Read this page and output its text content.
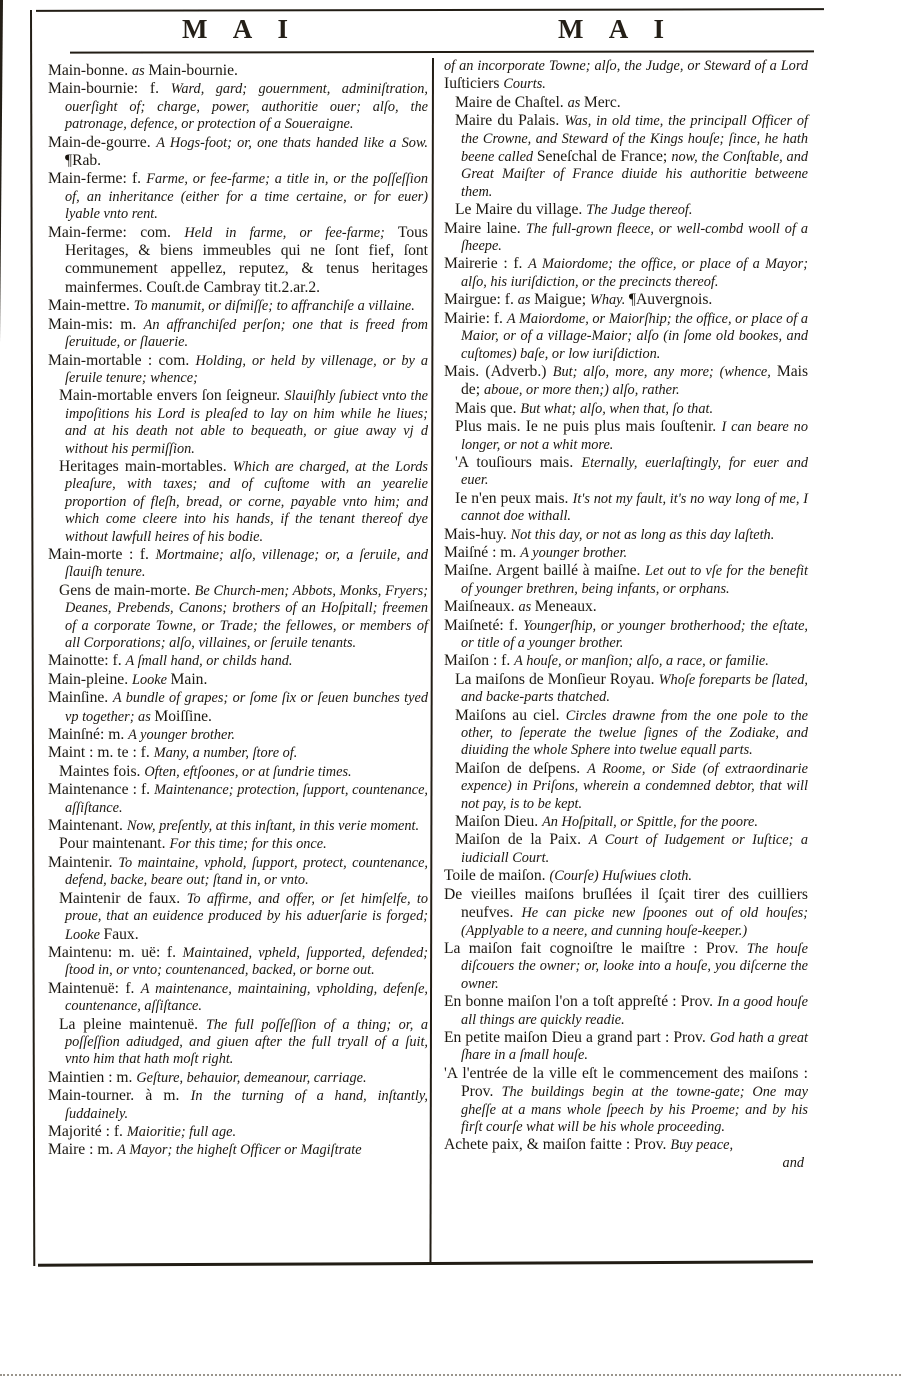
M A I	M A I

Main-bonne. as Main-bournie.

Main-bournie: f. Ward, gard; gouernment, adminiſtration, ouerſight of; charge, power, authoritie ouer; alſo, the patronage, defence, or protection of a Soueraigne.

Main-de-gourre. A Hogs-foot; or, one thats handed like a Sow. ¶Rab.

Main-ferme: f. Farme, or fee-farme; a title in, or the poſſeſſion of, an inheritance (either for a time certaine, or for euer) lyable vnto rent.

Main-ferme: com. Held in farme, or fee-farme; Tous Heritages, & biens immeubles qui ne ſont fief, ſont communement appellez, reputez, & tenus heritages mainfermes. Couſt.de Cambray tit.2.ar.2.

Main-mettre. To manumit, or diſmiſſe; to affranchiſe a villaine.

Main-mis: m. An affranchiſed perſon; one that is freed from ſeruitude, or ſlauerie.

Main-mortable : com. Holding, or held by villenage, or by a ſeruile tenure; whence;

Main-mortable envers ſon ſeigneur. Slauiſhly ſubiect vnto the impoſitions his Lord is pleaſed to lay on him while he liues; and at his death not able to bequeath, or giue away vj d without his permiſſion.

Heritages main-mortables. Which are charged, at the Lords pleaſure, with taxes; and of cuſtome with an yearelie proportion of fleſh, bread, or corne, payable vnto him; and which come cleere into his hands, if the tenant thereof dye without lawfull heires of his bodie.

Main-morte : f. Mortmaine; alſo, villenage; or, a ſeruile, and ſlauiſh tenure.

Gens de main-morte. Be Church-men; Abbots, Monks, Fryers; Deanes, Prebends, Canons; brothers of an Hoſpitall; freemen of a corporate Towne, or Trade; the fellowes, or members of all Corporations; alſo, villaines, or ſeruile tenants.

Mainotte: f. A ſmall hand, or childs hand.

Main-pleine. Looke Main.

Mainſine. A bundle of grapes; or ſome ſix or ſeuen bunches tyed vp together; as Moiſſine.

Mainſné: m. A younger brother.

Maint : m. te : f. Many, a number, ſtore of.

Maintes fois. Often, eftſoones, or at ſundrie times.

Maintenance : f. Maintenance; protection, ſupport, countenance, aſſiſtance.

Maintenant. Now, preſently, at this inſtant, in this verie moment.

Pour maintenant. For this time; for this once.

Maintenir. To maintaine, vphold, ſupport, protect, countenance, defend, backe, beare out; ſtand in, or vnto.

Maintenir de faux. To affirme, and offer, or ſet himſelfe, to proue, that an euidence produced by his aduerſarie is forged; Looke Faux.

Maintenu: m. uë: f. Maintained, vpheld, ſupported, defended; ſtood in, or vnto; countenanced, backed, or borne out.

Maintenuë: f. A maintenance, maintaining, vpholding, defenſe, countenance, aſſiſtance.

La pleine maintenuë. The full poſſeſſion of a thing; or, a poſſeſſion adiudged, and giuen after the full tryall of a ſuit, vnto him that hath moſt right.

Maintien : m. Geſture, behauior, demeanour, carriage.

Main-tourner. à m. In the turning of a hand, inſtantly, ſuddainely.

Majorité : f. Maioritie; full age.

Maire : m. A Mayor; the higheſt Officer or Magiſtrate

of an incorporate Towne; alſo, the Judge, or Steward of a Lord Iuſticiers Courts.

Maire de Chaſtel. as Merc.

Maire du Palais. Was, in old time, the principall Officer of the Crowne, and Steward of the Kings houſe; ſince, he hath beene called Seneſchal de France; now, the Conſtable, and Great Maiſter of France diuide his authoritie betweene them.

Le Maire du village. The Judge thereof.

Maire laine. The full-grown fleece, or well-combd wooll of a ſheepe.

Mairerie : f. A Maiordome; the office, or place of a Mayor; alſo, his iuriſdiction, or the precincts thereof.

Mairgue: f. as Maigue; Whay. ¶Auvergnois.

Mairie: f. A Maiordome, or Maiorſhip; the office, or place of a Maior, or of a village-Maior; alſo (in ſome old bookes, and cuſtomes) baſe, or low iuriſdiction.

Mais. (Adverb.) But; alſo, more, any more; (whence, Mais de; aboue, or more then;) alſo, rather.

Mais que. But what; alſo, when that, ſo that.

Plus mais. Ie ne puis plus mais ſouſtenir. I can beare no longer, or not a whit more.

'A touſiours mais. Eternally, euerlaſtingly, for euer and euer.

Ie n'en peux mais. It's not my fault, it's no way long of me, I cannot doe withall.

Mais-huy. Not this day, or not as long as this day laſteth.

Maiſné : m. A younger brother.

Maiſne. Argent baillé à maiſne. Let out to vſe for the benefit of younger brethren, being infants, or orphans.

Maiſneaux. as Meneaux.

Maiſneté: f. Youngerſhip, or younger brotherhood; the eſtate, or title of a younger brother.

Maiſon : f. A houſe, or manſion; alſo, a race, or familie.

La maiſons de Monſieur Royau. Whoſe foreparts be ſlated, and backe-parts thatched.

Maiſons au ciel. Circles drawne from the one pole to the other, to ſeperate the twelue ſignes of the Zodiake, and diuiding the whole Sphere into twelue equall parts.

Maiſon de deſpens. A Roome, or Side (of extraordinarie expence) in Priſons, wherein a condemned debtor, that will not pay, is to be kept.

Maiſon Dieu. An Hoſpitall, or Spittle, for the poore.

Maiſon de la Paix. A Court of Iudgement or Iuſtice; a iudiciall Court.

Toile de maiſon. (Courſe) Huſwiues cloth.

De vieilles maiſons bruſlées il ſçait tirer des cuilliers neufves. He can picke new ſpoones out of old houſes; (Applyable to a neere, and cunning houſe-keeper.)

La maiſon fait cognoiſtre le maiſtre : Prov. The houſe diſcouers the owner; or, looke into a houſe, you diſcerne the owner.

En bonne maiſon l'on a toſt appreſté : Prov. In a good houſe all things are quickly readie.

En petite maiſon Dieu a grand part : Prov. God hath a great ſhare in a ſmall houſe.

'A l'entrée de la ville eſt le commencement des maiſons : Prov. The buildings begin at the towne-gate; One may gheſſe at a mans whole ſpeech by his Proeme; and by his firſt courſe what will be his whole proceeding.

Achete paix, & maiſon faitte : Prov. Buy peace,

and
